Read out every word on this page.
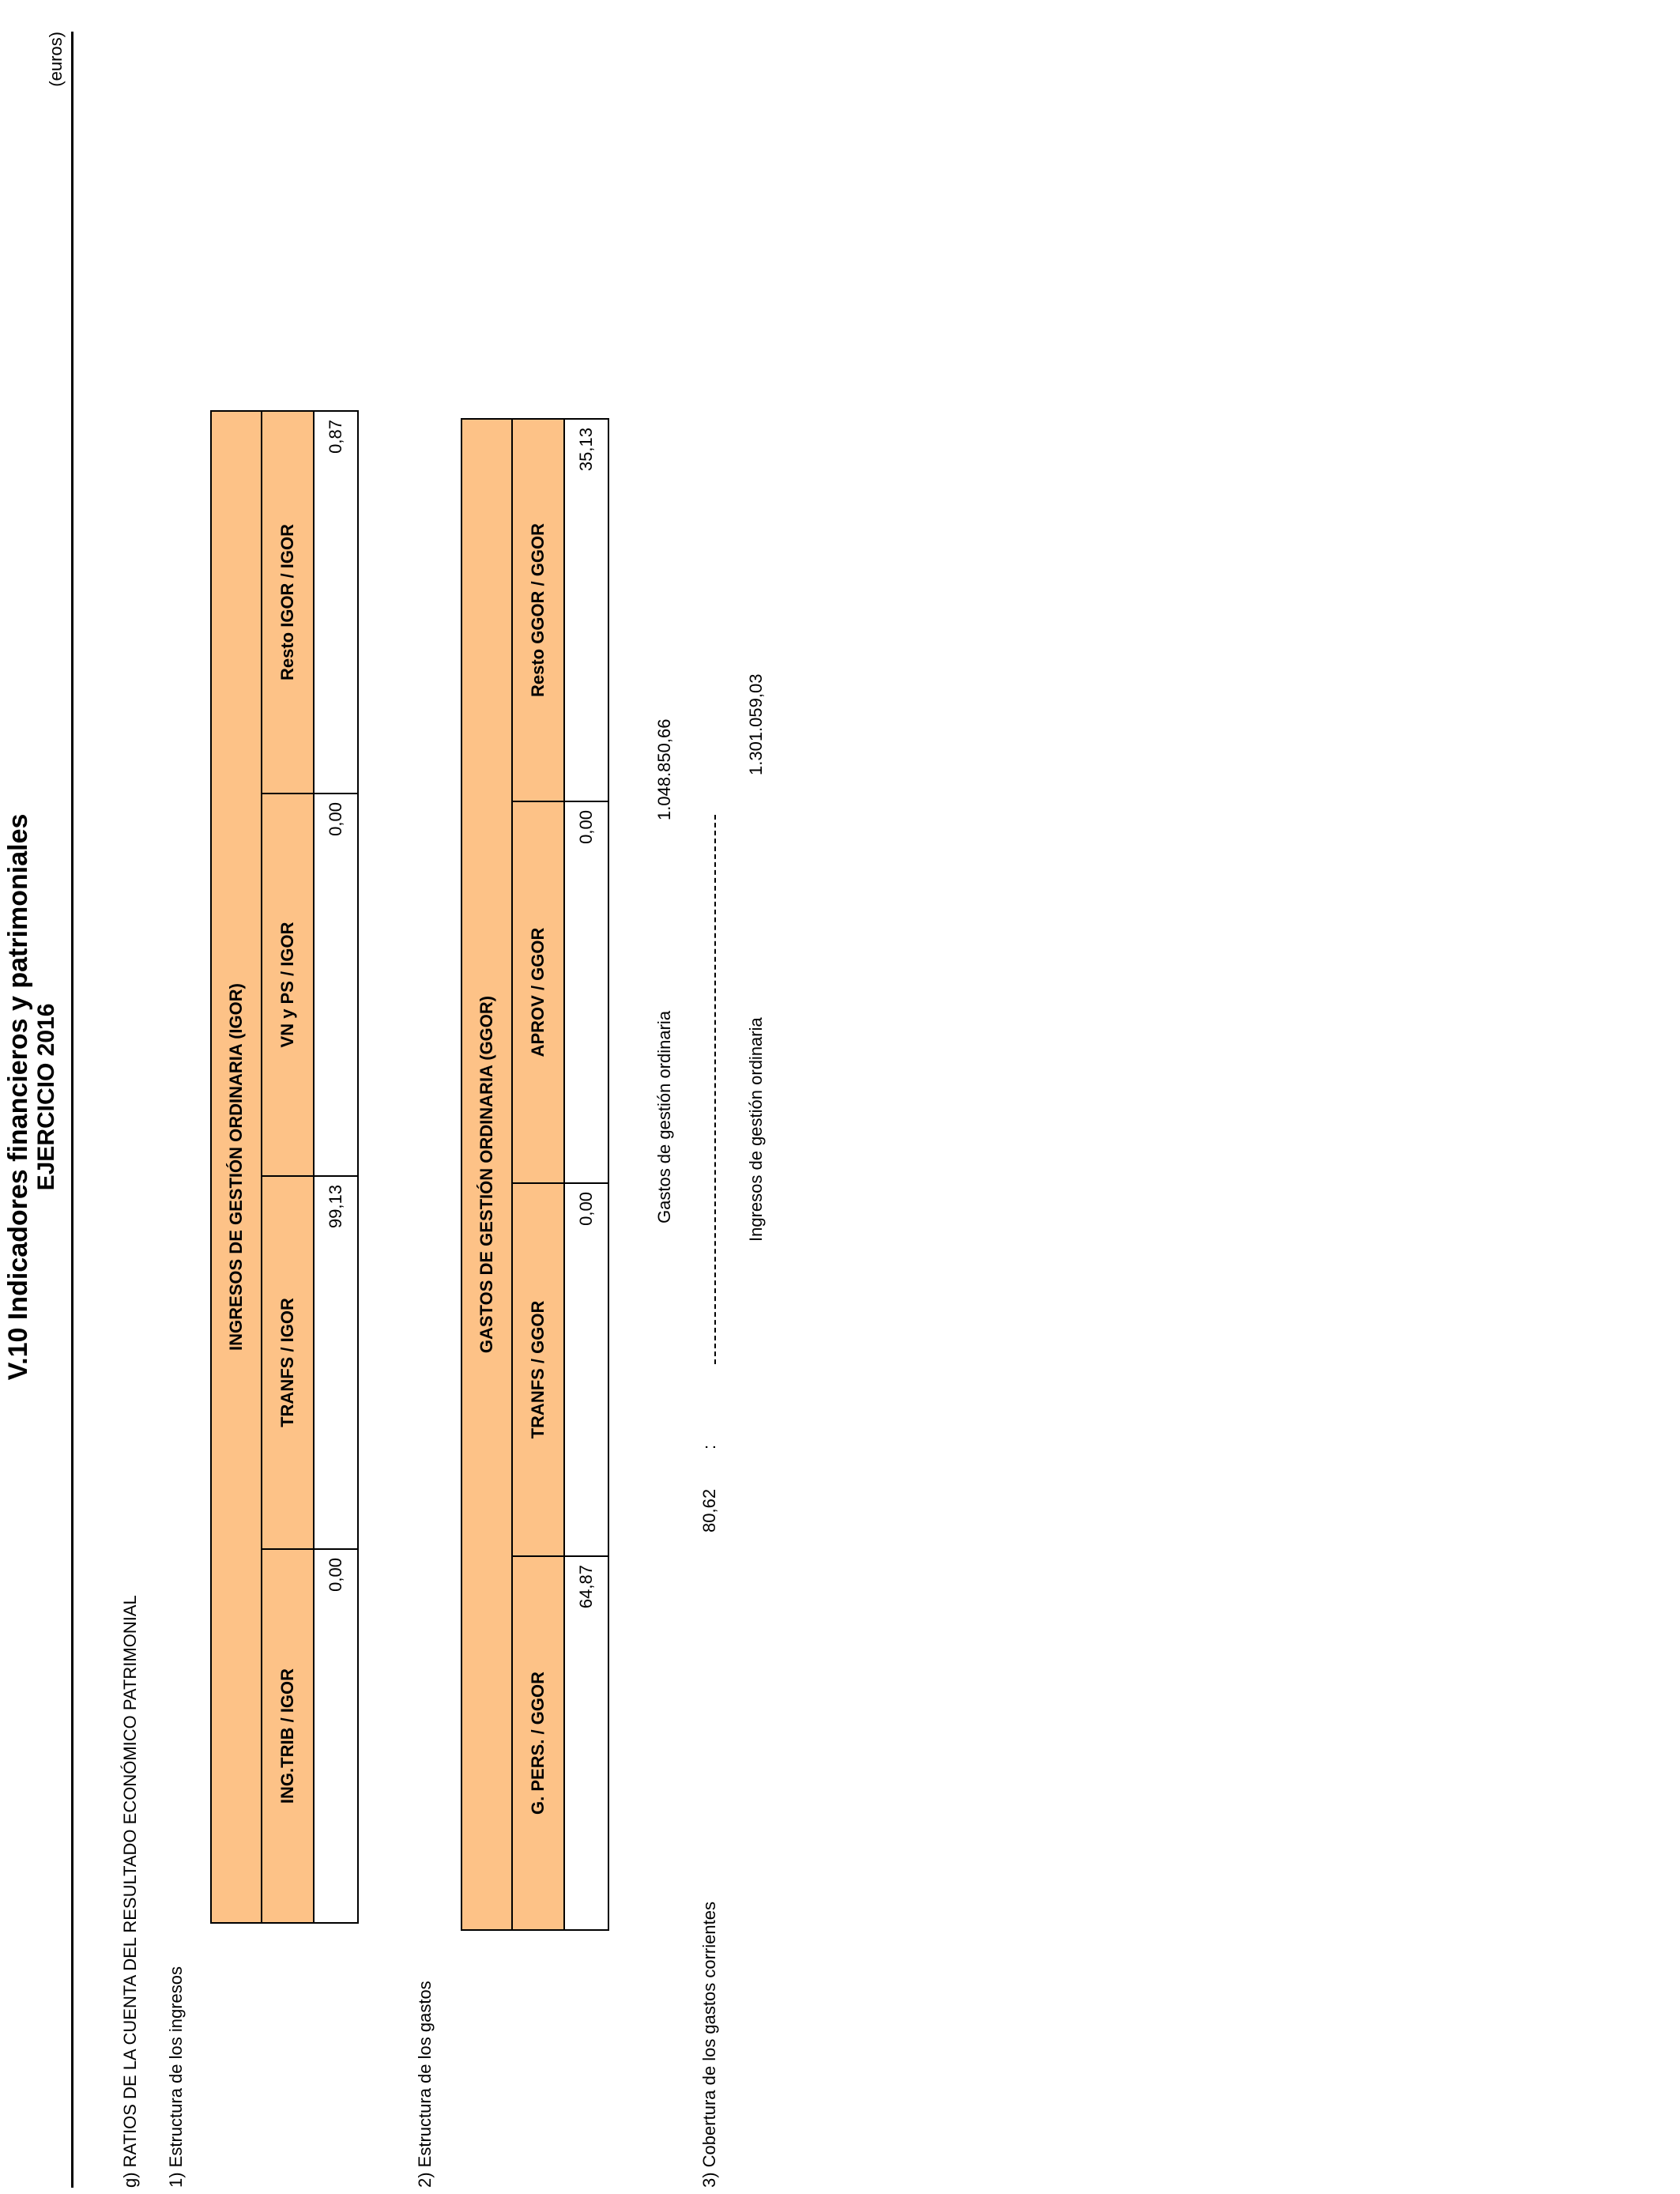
V.10 Indicadores financieros y patrimoniales EJERCICIO 2016
(euros)
g) RATIOS DE LA CUENTA DEL RESULTADO ECONÓMICO PATRIMONIAL 1) Estructura de los ingresos
INGRESOS DE GESTIÓN ORDINARIA (IGOR)			
ING.TRIB / IGOR	TRANFS / IGOR	VN y PS / IGOR	Resto IGOR / IGOR
0,00	99,13	0,00	0,87
2) Estructura de los gastos
GASTOS DE GESTIÓN ORDINARIA (GGOR)			
G. PERS. / GGOR	TRANFS / GGOR	APROV / GGOR	Resto GGOR / GGOR
64,87	0,00	0,00	35,13
3) Cobertura de los gastos corrientes
80,62
:
Gastos de gestión ordinaria
1.048.850,66
Ingresos de gestión ordinaria
1.301.059,03
